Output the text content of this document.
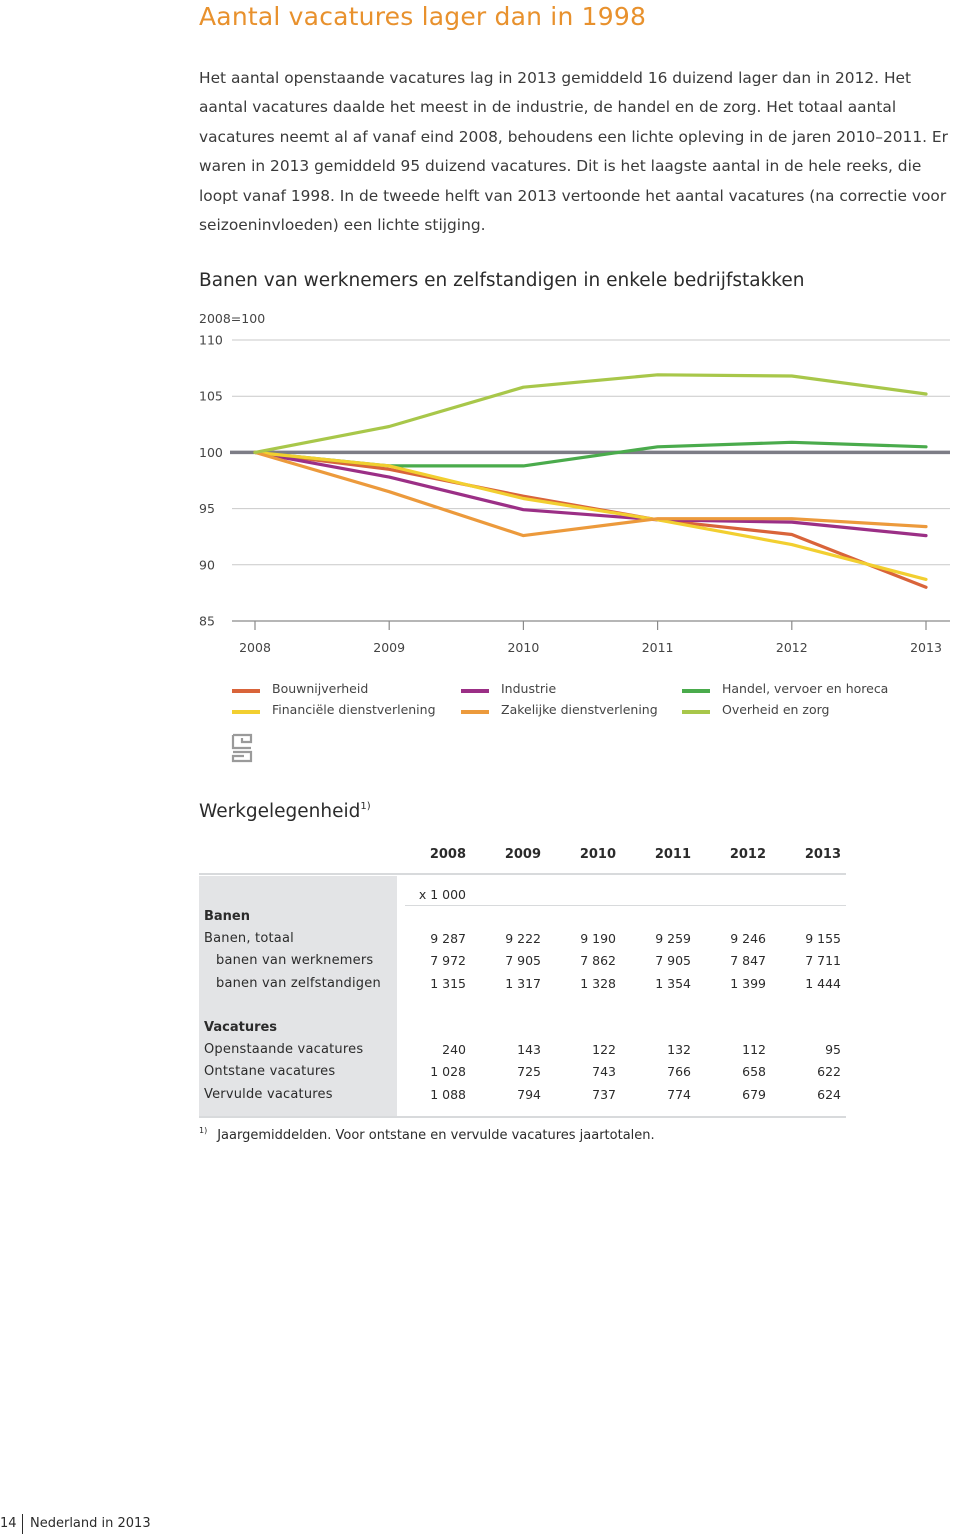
Aantal vacatures lager dan in 1998

Het aantal openstaande vacatures lag in 2013 gemiddeld 16 duizend lager dan in 2012. Het aantal vacatures daalde het meest in de industrie, de handel en de zorg. Het totaal aantal vacatures neemt al af vanaf eind 2008, behoudens een lichte opleving in de jaren 2010–2011. Er waren in 2013 gemiddeld 95 duizend vacatures. Dit is het laagste aantal in de hele reeks, die loopt vanaf 1998. In de tweede helft van 2013 vertoonde het aantal vacatures (na correctie voor seizoeninvloeden) een lichte stijging.

Banen van werknemers en zelfstandigen in enkele bedrijfstakken
2008=100
85
90
95
100
105
110
2008	2009	2010	2011	2012	2013
Bouwnijverheid	Industrie	Handel, vervoer en horeca
Financiële dienstverlening	Zakelijke dienstverlening	Overheid en zorg
Werkgelegenheid$^{1)}$
2008	2009	2010	2011	2012	2013
x 1 000
Banen
Banen, totaal	9 287	9 222	9 190	9 259	9 246	9 155
banen van werknemers	7 972	7 905	7 862	7 905	7 847	7 711
banen van zelfstandigen	1 315	1 317	1 328	1 354	1 399	1 444
Vacatures
Openstaande vacatures	240	143	122	132	112	95
Ontstane vacatures	1 028	725	743	766	658	622
Vervulde vacatures	1 088	794	737	774	679	624
$^{1)}$ Jaargemiddelden. Voor ontstane en vervulde vacatures jaartotalen.
14 Nederland in 2013
